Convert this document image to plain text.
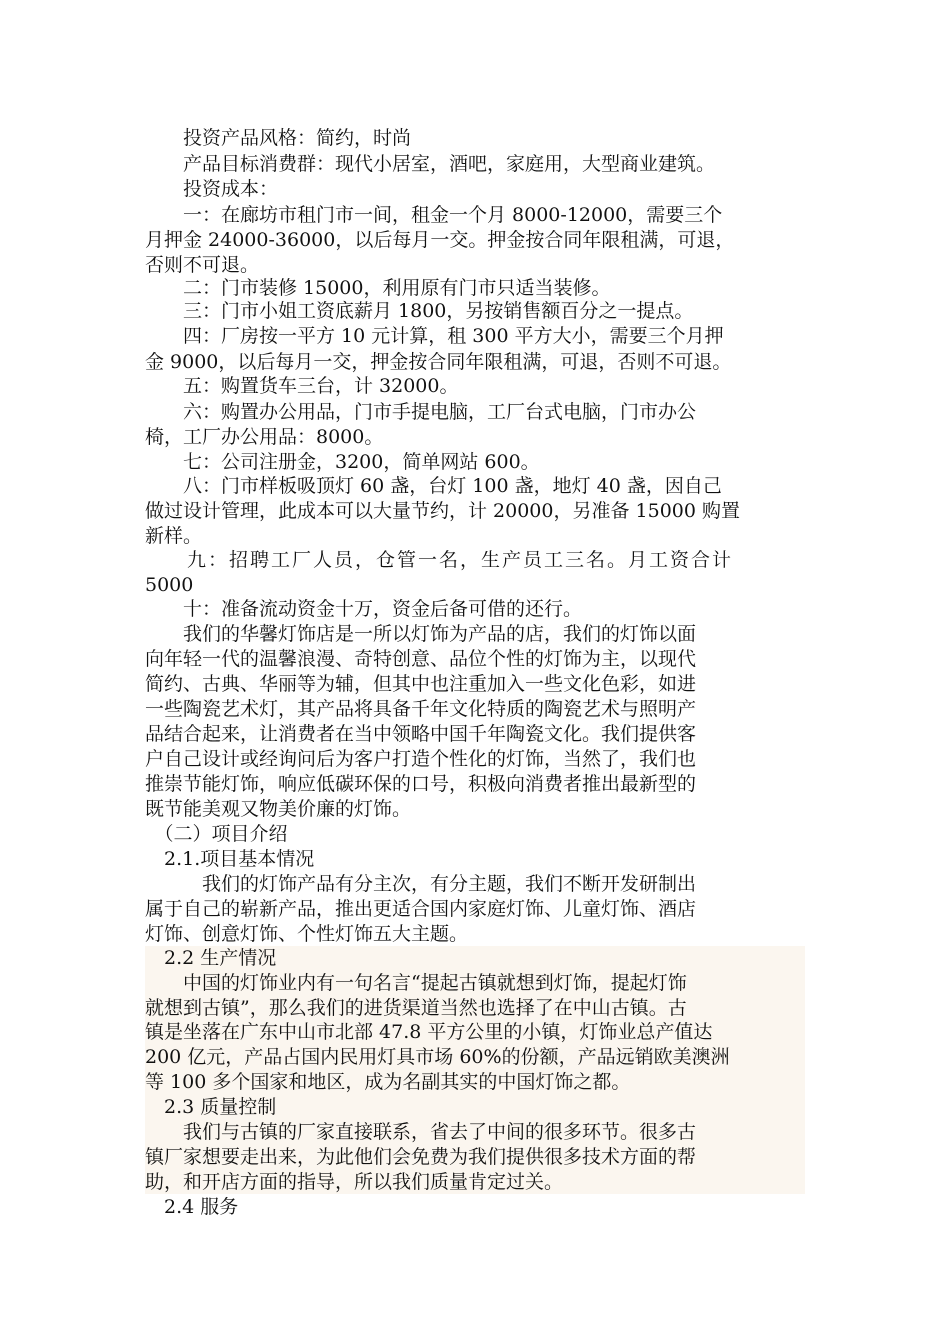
　　投资产品风格：简约，时尚
　　产品目标消费群：现代小居室，酒吧，家庭用，大型商业建筑。
　　投资成本：
　　一：在廊坊市租门市一间，租金一个月 8000-12000，需要三个
月押金 24000-36000，以后每月一交。押金按合同年限租满，可退，
否则不可退。
　　二：门市装修 15000，利用原有门市只适当装修。
　　三：门市小姐工资底薪月 1800，另按销售额百分之一提点。
　　四：厂房按一平方 10 元计算，租 300 平方大小，需要三个月押
金 9000，以后每月一交，押金按合同年限租满，可退，否则不可退。
　　五：购置货车三台，计 32000。
　　六：购置办公用品，门市手提电脑，工厂台式电脑，门市办公
椅，工厂办公用品：8000。
　　七：公司注册金，3200，简单网站 600。
　　八：门市样板吸顶灯 60 盏，台灯 100 盏，地灯 40 盏，因自己
做过设计管理，此成本可以大量节约，计 20000，另准备 15000 购置
新样。
　　九：招聘工厂人员，仓管一名，生产员工三名。月工资合计
5000
　　十：准备流动资金十万，资金后备可借的还行。
　　我们的华馨灯饰店是一所以灯饰为产品的店，我们的灯饰以面
向年轻一代的温馨浪漫、奇特创意、品位个性的灯饰为主，以现代
简约、古典、华丽等为辅，但其中也注重加入一些文化色彩，如进
一些陶瓷艺术灯，其产品将具备千年文化特质的陶瓷艺术与照明产
品结合起来，让消费者在当中领略中国千年陶瓷文化。我们提供客
户自己设计或经询问后为客户打造个性化的灯饰，当然了，我们也
推崇节能灯饰，响应低碳环保的口号，积极向消费者推出最新型的
既节能美观又物美价廉的灯饰。
　（二）项目介绍
　2.1.项目基本情况
　　　我们的灯饰产品有分主次，有分主题，我们不断开发研制出
属于自己的崭新产品，推出更适合国内家庭灯饰、儿童灯饰、酒店
灯饰、创意灯饰、个性灯饰五大主题。
　2.2 生产情况
　　中国的灯饰业内有一句名言“提起古镇就想到灯饰，提起灯饰
就想到古镇”，那么我们的进货渠道当然也选择了在中山古镇。古
镇是坐落在广东中山市北部 47.8 平方公里的小镇，灯饰业总产值达
200 亿元，产品占国内民用灯具市场 60%的份额，产品远销欧美澳洲
等 100 多个国家和地区，成为名副其实的中国灯饰之都。
　2.3 质量控制
　　我们与古镇的厂家直接联系，省去了中间的很多环节。很多古
镇厂家想要走出来，为此他们会免费为我们提供很多技术方面的帮
助，和开店方面的指导，所以我们质量肯定过关。
　2.4 服务
